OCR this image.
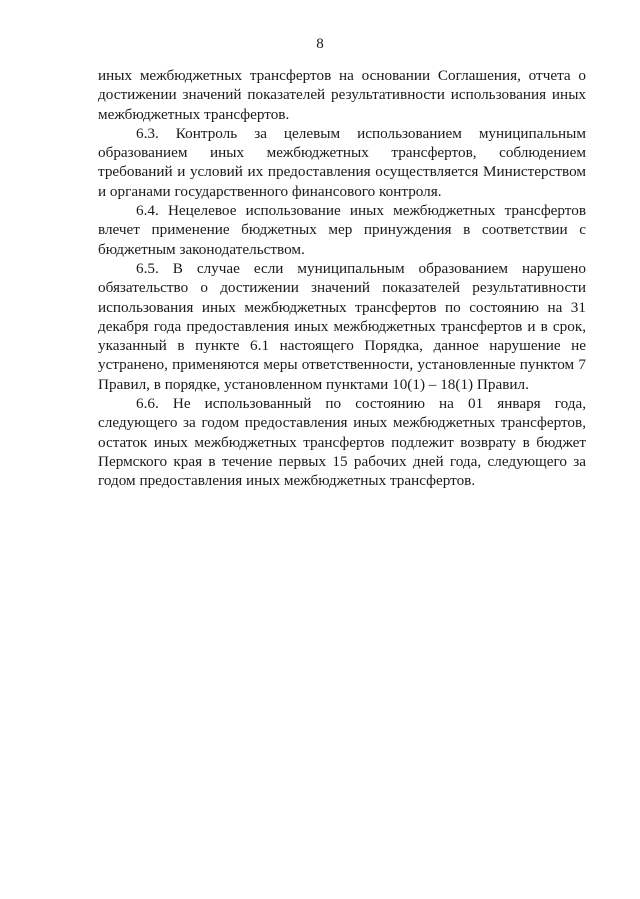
8

иных межбюджетных трансфертов на основании Соглашения, отчета о достижении значений показателей результативности использования иных межбюджетных трансфертов.

6.3. Контроль за целевым использованием муниципальным образованием иных межбюджетных трансфертов, соблюдением требований и условий их предоставления осуществляется Министерством и органами государственного финансового контроля.

6.4. Нецелевое использование иных межбюджетных трансфертов влечет применение бюджетных мер принуждения в соответствии с бюджетным законодательством.

6.5. В случае если муниципальным образованием нарушено обязательство о достижении значений показателей результативности использования иных межбюджетных трансфертов по состоянию на 31 декабря года предоставления иных межбюджетных трансфертов и в срок, указанный в пункте 6.1 настоящего Порядка, данное нарушение не устранено, применяются меры ответственности, установленные пунктом 7 Правил, в порядке, установленном пунктами 10(1) – 18(1) Правил.

6.6. Не использованный по состоянию на 01 января года, следующего за годом предоставления иных межбюджетных трансфертов, остаток иных межбюджетных трансфертов подлежит возврату в бюджет Пермского края в течение первых 15 рабочих дней года, следующего за годом предоставления иных межбюджетных трансфертов.
